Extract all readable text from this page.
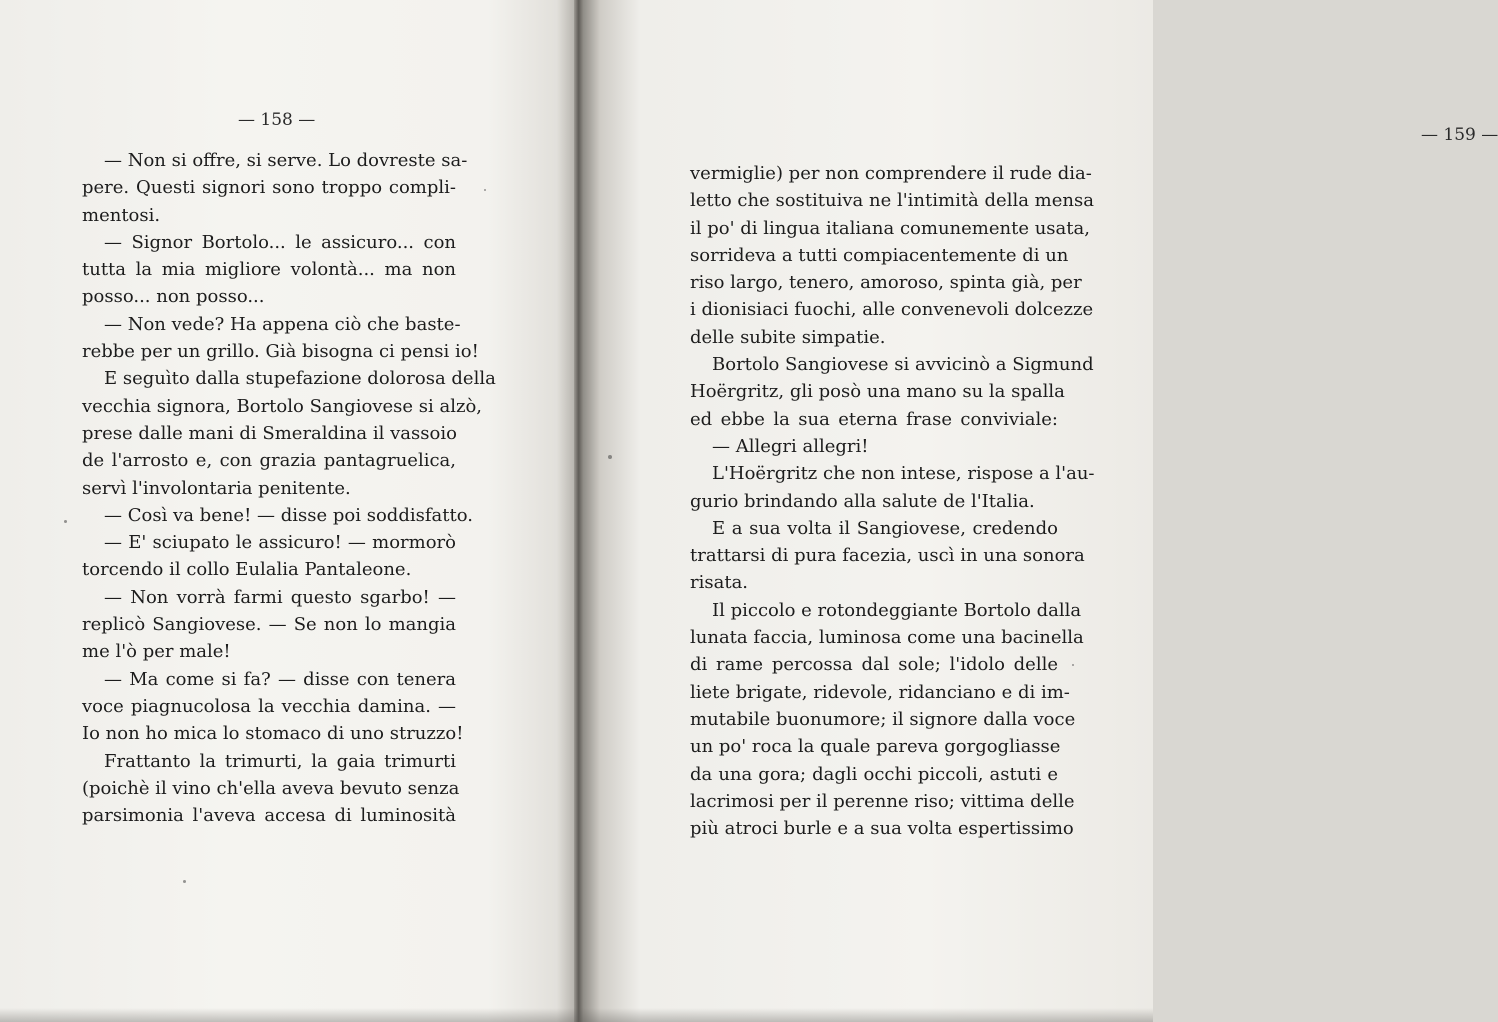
— 158 —
— 159 —
— Non si offre, si serve. Lo dovreste sa-
pere. Questi signori sono troppo compli-
mentosi.
— Signor Bortolo... le assicuro... con
tutta la mia migliore volontà... ma non
posso... non posso...
— Non vede? Ha appena ciò che baste-
rebbe per un grillo. Già bisogna ci pensi io!
E seguìto dalla stupefazione dolorosa della
vecchia signora, Bortolo Sangiovese si alzò,
prese dalle mani di Smeraldina il vassoio
de l'arrosto e, con grazia pantagruelica,
servì l'involontaria penitente.
— Così va bene! — disse poi soddisfatto.
— E' sciupato le assicuro! — mormorò
torcendo il collo Eulalia Pantaleone.
— Non vorrà farmi questo sgarbo! —
replicò Sangiovese. — Se non lo mangia
me l'ò per male!
— Ma come si fa? — disse con tenera
voce piagnucolosa la vecchia damina. —
Io non ho mica lo stomaco di uno struzzo!
Frattanto la trimurti, la gaia trimurti
(poichè il vino ch'ella aveva bevuto senza
parsimonia l'aveva accesa di luminosità
vermiglie) per non comprendere il rude dia-
letto che sostituiva ne l'intimità della mensa
il po' di lingua italiana comunemente usata,
sorrideva a tutti compiacentemente di un
riso largo, tenero, amoroso, spinta già, per
i dionisiaci fuochi, alle convenevoli dolcezze
delle subite simpatie.
Bortolo Sangiovese si avvicinò a Sigmund
Hoërgritz, gli posò una mano su la spalla
ed ebbe la sua eterna frase conviviale:
— Allegri allegri!
L'Hoërgritz che non intese, rispose a l'au-
gurio brindando alla salute de l'Italia.
E a sua volta il Sangiovese, credendo
trattarsi di pura facezia, uscì in una sonora
risata.
Il piccolo e rotondeggiante Bortolo dalla
lunata faccia, luminosa come una bacinella
di rame percossa dal sole; l'idolo delle
liete brigate, ridevole, ridanciano e di im-
mutabile buonumore; il signore dalla voce
un po' roca la quale pareva gorgogliasse
da una gora; dagli occhi piccoli, astuti e
lacrimosi per il perenne riso; vittima delle
più atroci burle e a sua volta espertissimo
